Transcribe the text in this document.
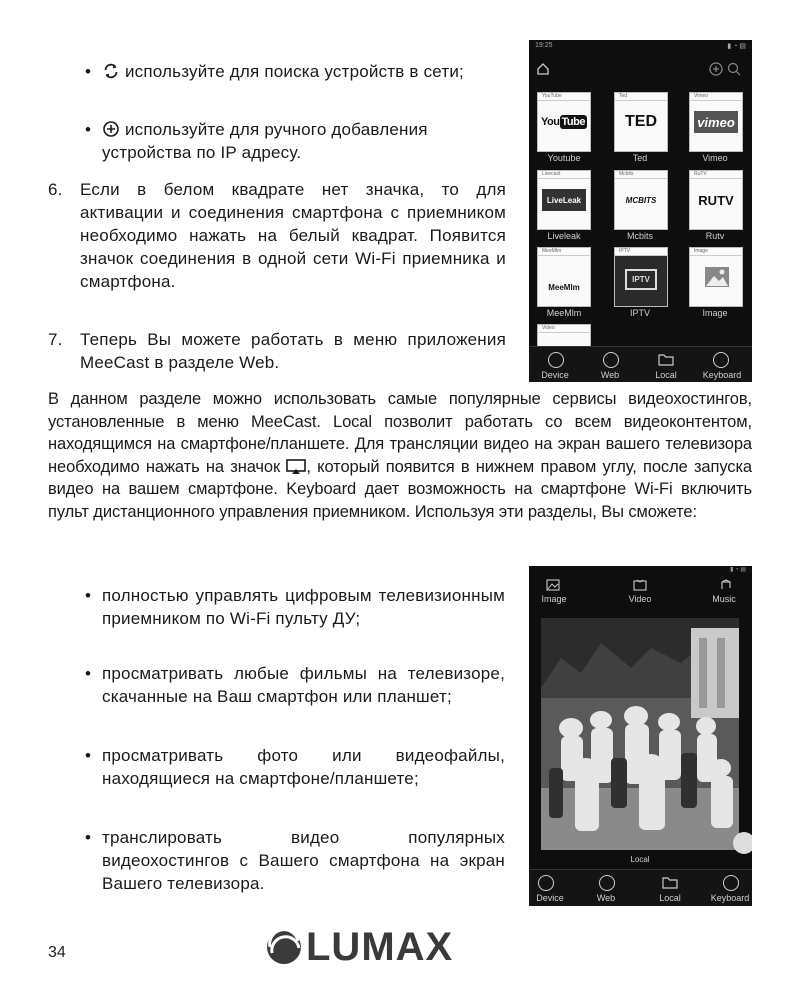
•	используйте для поиска устройств в сети;
•	используйте для ручного добавления устройства по IP адресу.
6. Если в белом квадрате нет значка, то для активации и соединения смартфона с приемником необходимо нажать на белый квадрат. Появится значок соединения в одной сети Wi-Fi приемника и смартфона.
7. Теперь Вы можете работать в меню приложения MeeCast в разделе Web.
19:25	▮ ◔ ▤
YouTube
You Tube
Youtube
Ted
TED
Ted
Vimeo
vimeo
Vimeo
Livecast
LiveLeak
Liveleak
Mcbits
MCBITS
Mcbits
RuTV
RUTV
Rutv
MeeMlm
MeeMlm
MeeMlm
IPTV
IPTV
IPTV
Image
Image
Video
Device	Web	Local	Keyboard
В данном разделе можно использовать самые популярные сервисы видеохостингов, установленные в меню MeeCast. Local позволит работать со всем видеоконтентом, находящимся на смартфоне/планшете. Для трансляции видео на экран вашего телевизора необходимо нажать на значок , который появится в нижнем правом углу, после запуска видео на вашем смартфоне. Keyboard дает возможность на смартфоне Wi-Fi включить пульт дистанционного управления приемником. Используя эти разделы, Вы сможете:
• полностью управлять цифровым телевизионным приемником по Wi-Fi пульту ДУ;
• просматривать любые фильмы на телевизоре, скачанные на Ваш смартфон или планшет;
• просматривать фото или видеофайлы, находящиеся на смартфоне/планшете;
• транслировать видео популярных видеохостингов с Вашего смартфона на экран Вашего телевизора.
▮ ◔ ▤
Image	Video	Music
Local
Device	Web	Local	Keyboard
34	LUMAX
